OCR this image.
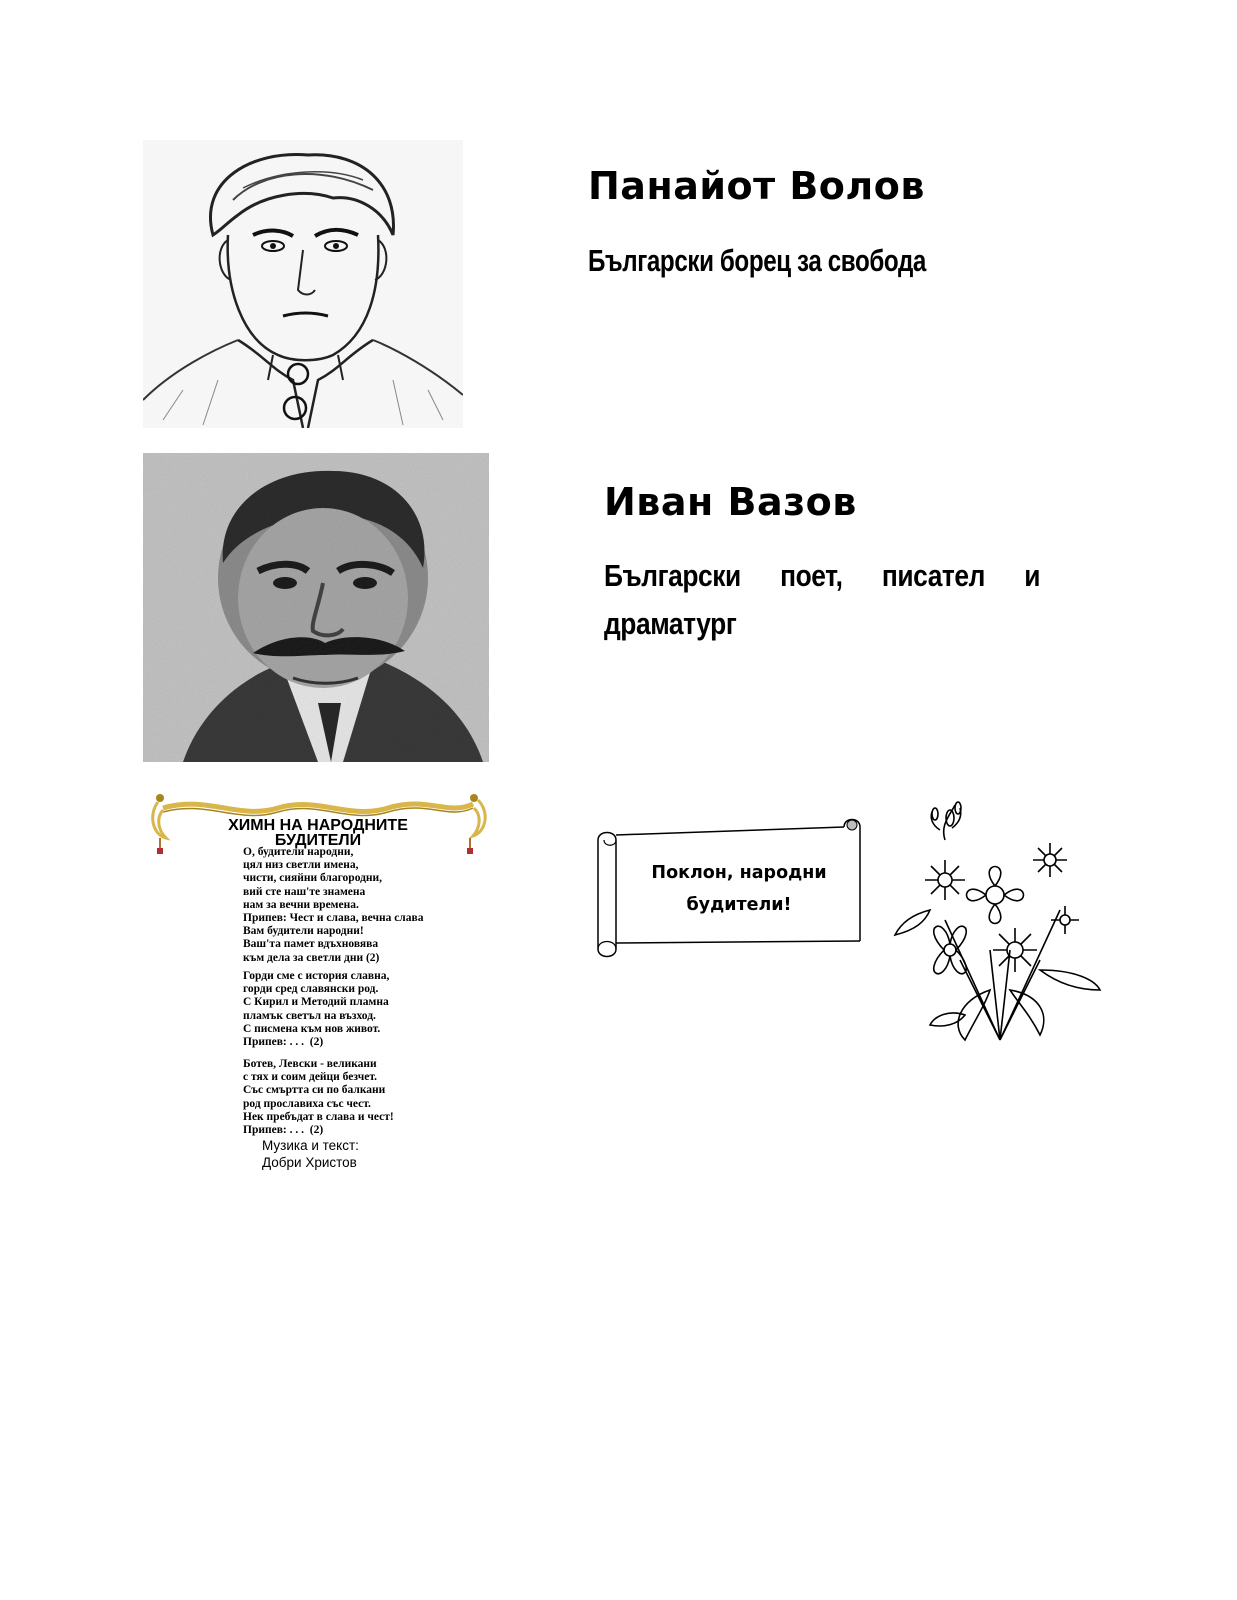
Панайот Волов
Български борец за свобода
Иван Вазов
Български поет, писател и
драматург
ХИМН НА НАРОДНИТЕ
БУДИТЕЛИ
О, будители народни,
цял низ светли имена,
чисти, сияйни благородни,
вий сте наш'те знамена
нам за вечни времена.
Припев: Чест и слава, вечна слава
Вам будители народни!
Ваш'та памет вдъхновява
към дела за светли дни (2)
Горди сме с история славна,
горди сред славянски род.
С Кирил и Методий пламна
пламък светъл на възход.
С писмена към нов живот.
Припев: . . .  (2)
Ботев, Левски - великани
с тях и соим дейци безчет.
Със смъртта си по балкани
род прославиха със чест.
Нек пребъдат в слава и чест!
Припев: . . .  (2)
Музика и текст:
Добри Христов
Поклон, народни
будители!
